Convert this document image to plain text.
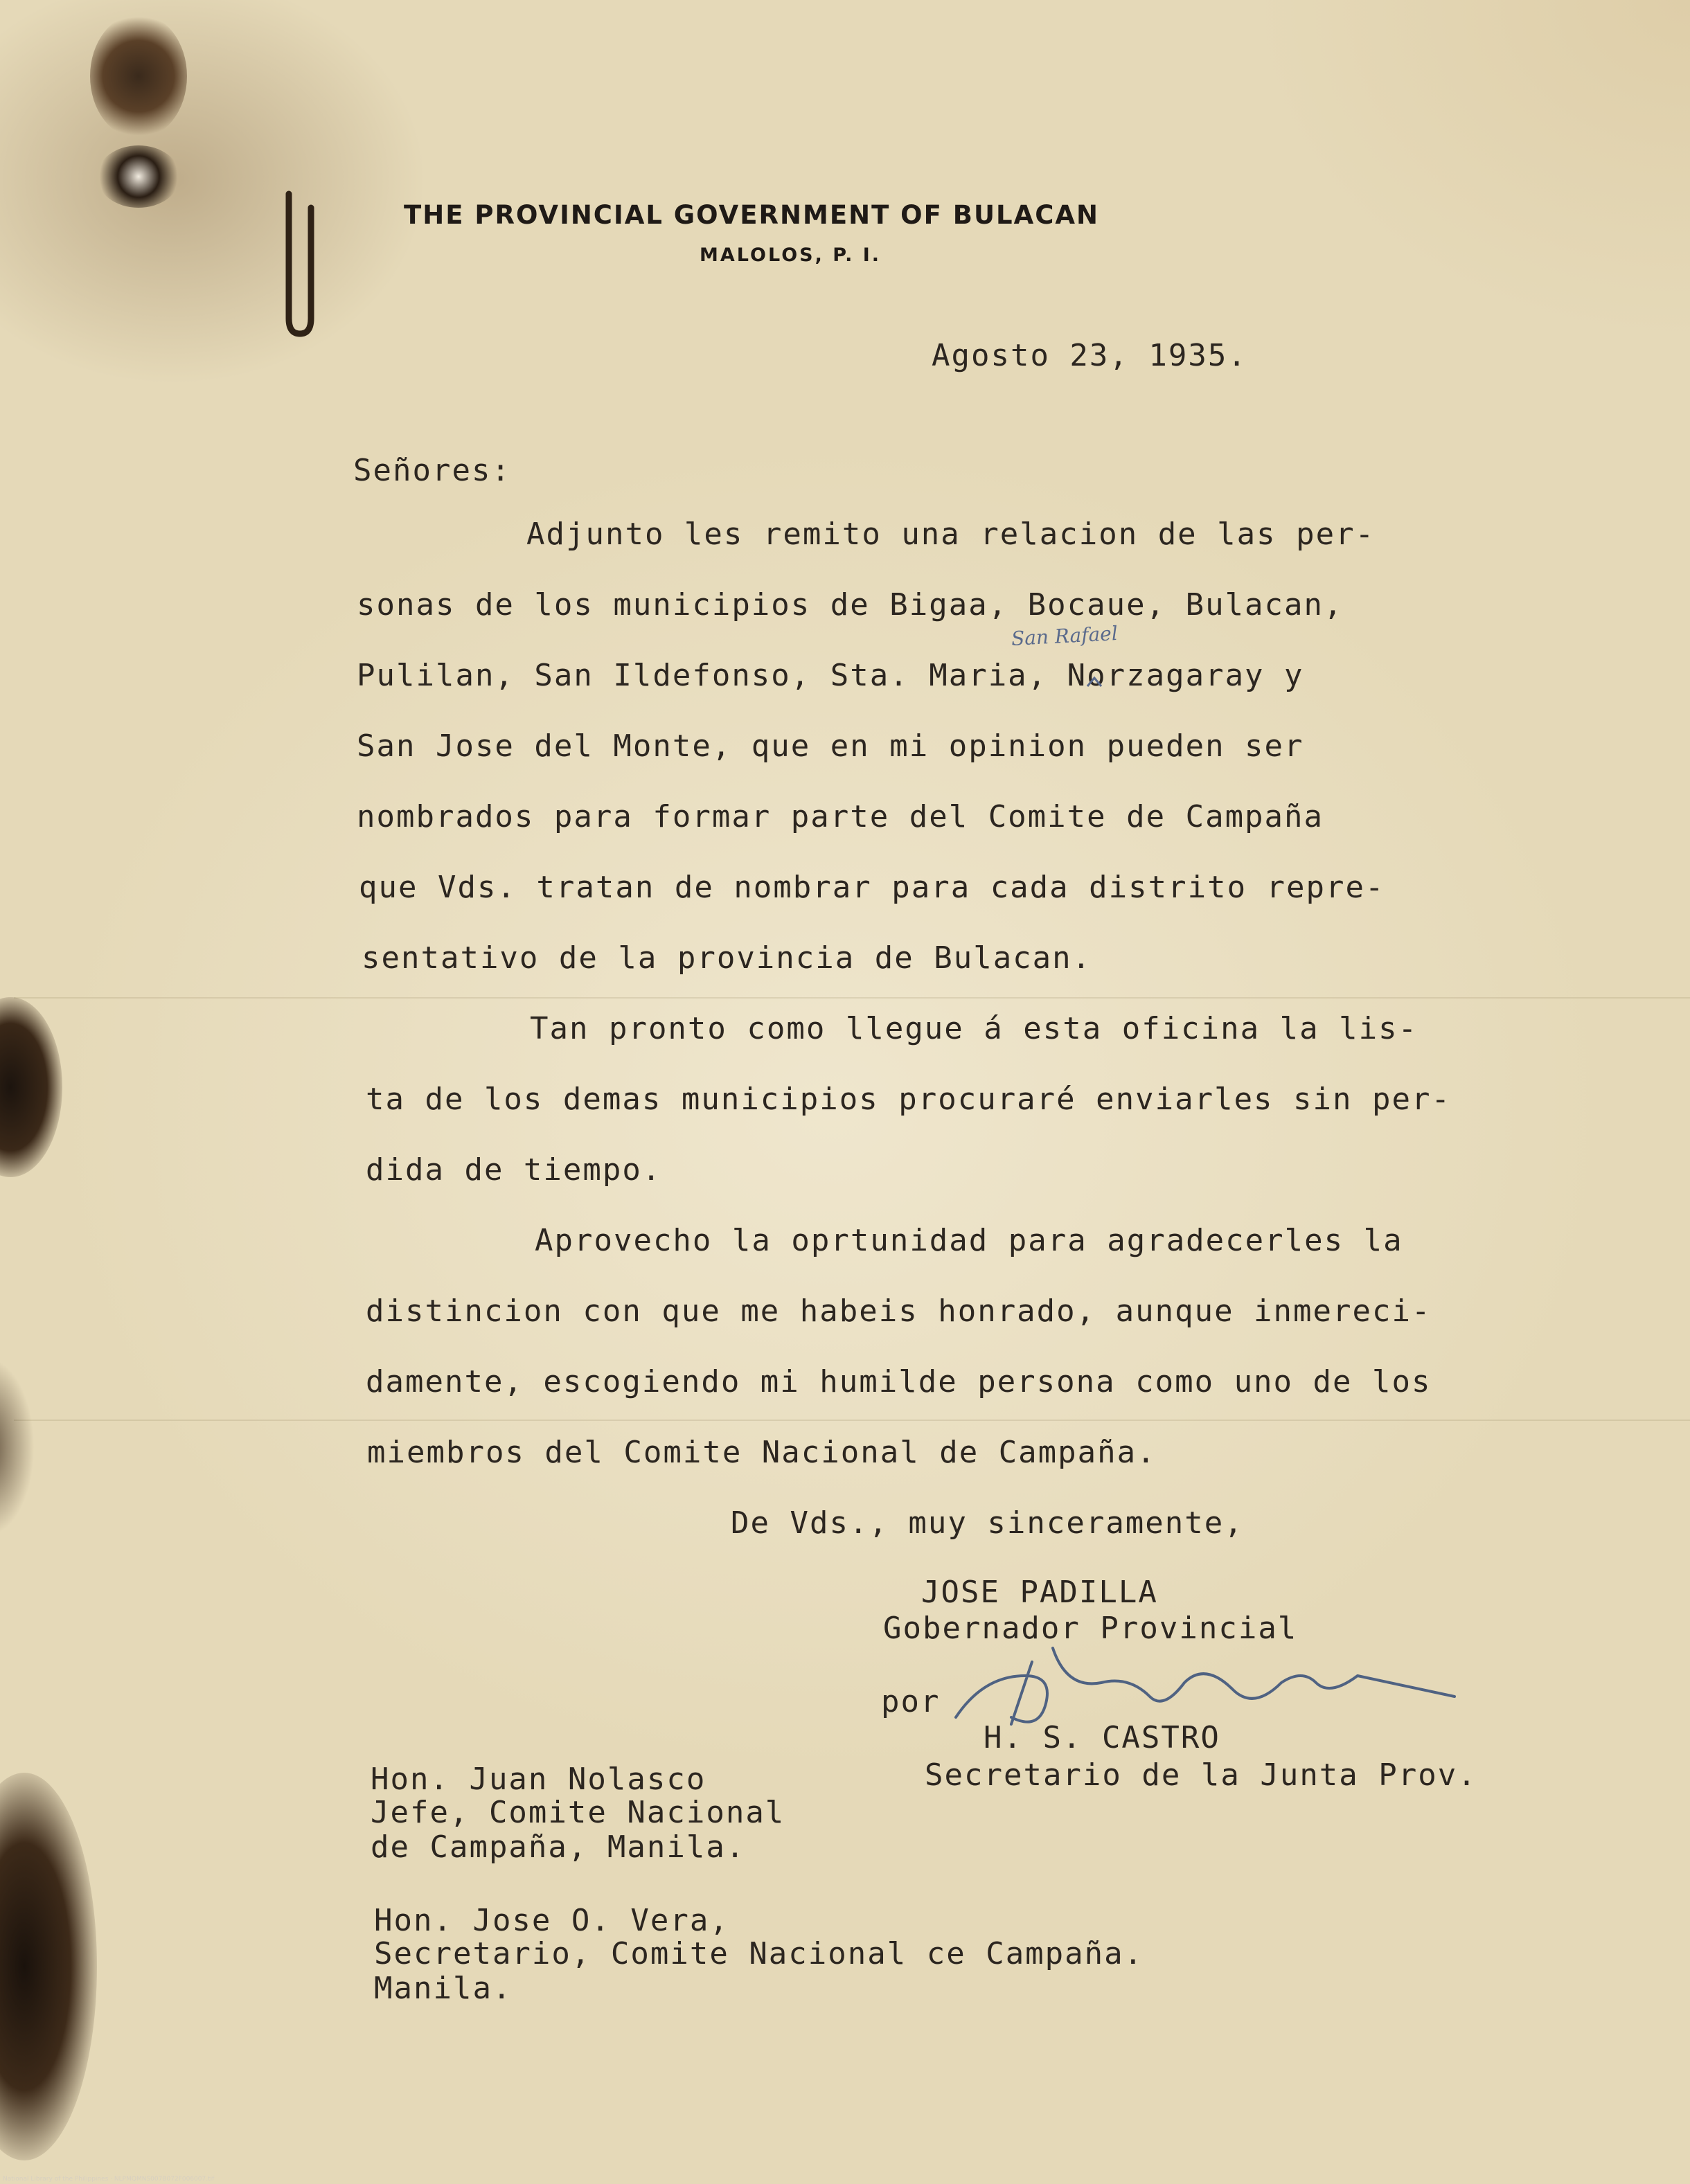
THE PROVINCIAL GOVERNMENT OF BULACAN

MALOLOS, P. I.

Agosto 23, 1935.

Señores:

Adjunto les remito una relacion de las per-

sonas de los municipios de Bigaa, Bocaue, Bulacan,

Pulilan, San Ildefonso, Sta. Maria, Norzagaray y

San Jose del Monte, que en mi opinion pueden ser

nombrados para formar parte del Comite de Campaña

que Vds. tratan de nombrar para cada distrito repre-

sentativo de la provincia de Bulacan.

Tan pronto como llegue á esta oficina la lis-

ta de los demas municipios procuraré enviarles sin per-

dida de tiempo.

Aprovecho la oprtunidad para agradecerles la

distincion con que me habeis honrado, aunque inmereci-

damente, escogiendo mi humilde persona como uno de los

miembros del Comite Nacional de Campaña.

San Rafael

De Vds., muy sinceramente,

JOSE PADILLA

Gobernador Provincial

por

H. S. CASTRO

Secretario de la Junta Prov.

Hon. Juan Nolasco

Jefe, Comite Nacional

de Campaña, Manila.

Hon. Jose O. Vera,

Secretario, Comite Nacional ce Campaña.

Manila.

National Library of the Philippines · NLPMQMNS007B072F006007.tif
